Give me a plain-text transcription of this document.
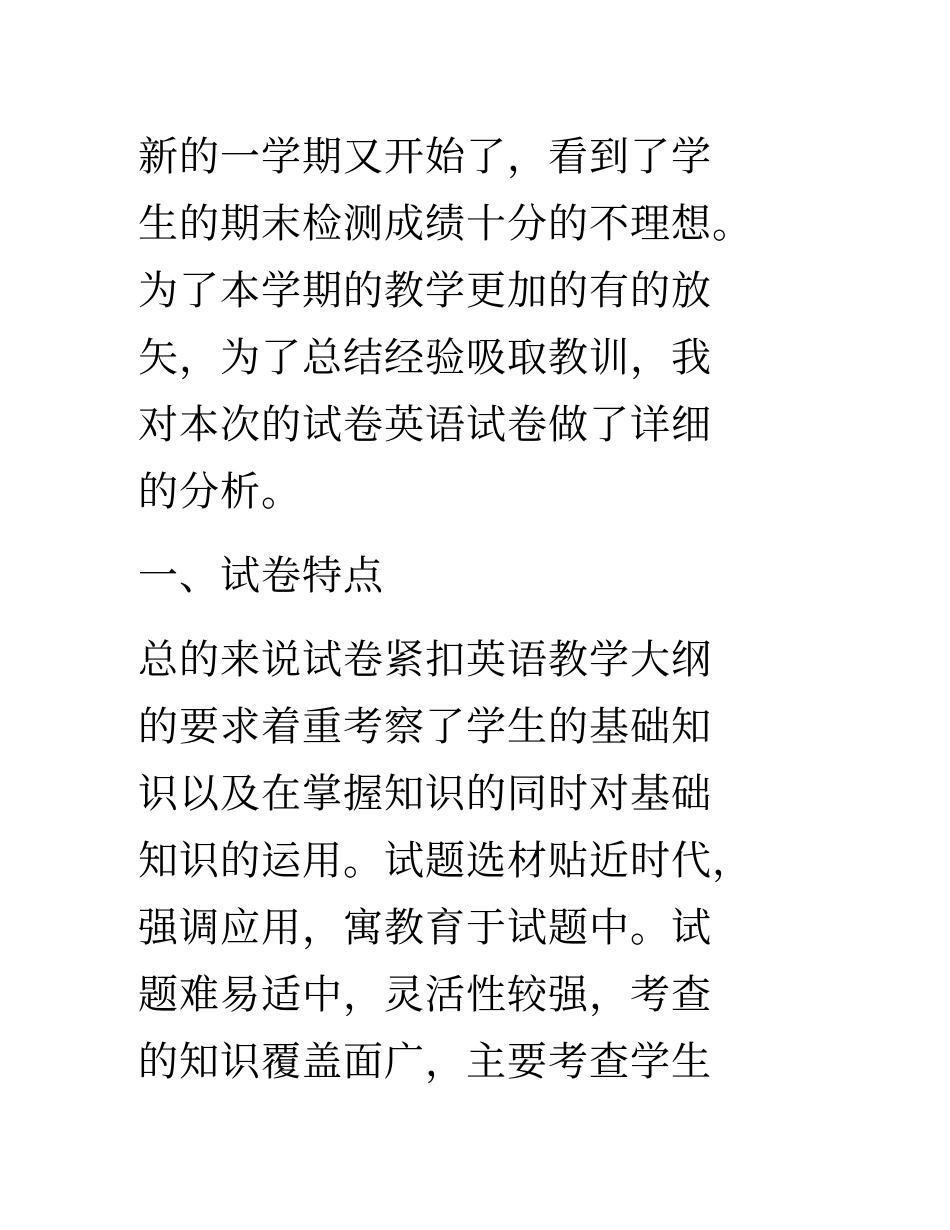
新的一学期又开始了，看到了学
生的期末检测成绩十分的不理想。
为了本学期的教学更加的有的放
矢，为了总结经验吸取教训，我
对本次的试卷英语试卷做了详细
的分析。
一、试卷特点
总的来说试卷紧扣英语教学大纲
的要求着重考察了学生的基础知
识以及在掌握知识的同时对基础
知识的运用。试题选材贴近时代，
强调应用，寓教育于试题中。试
题难易适中，灵活性较强，考查
的知识覆盖面广，主要考查学生
